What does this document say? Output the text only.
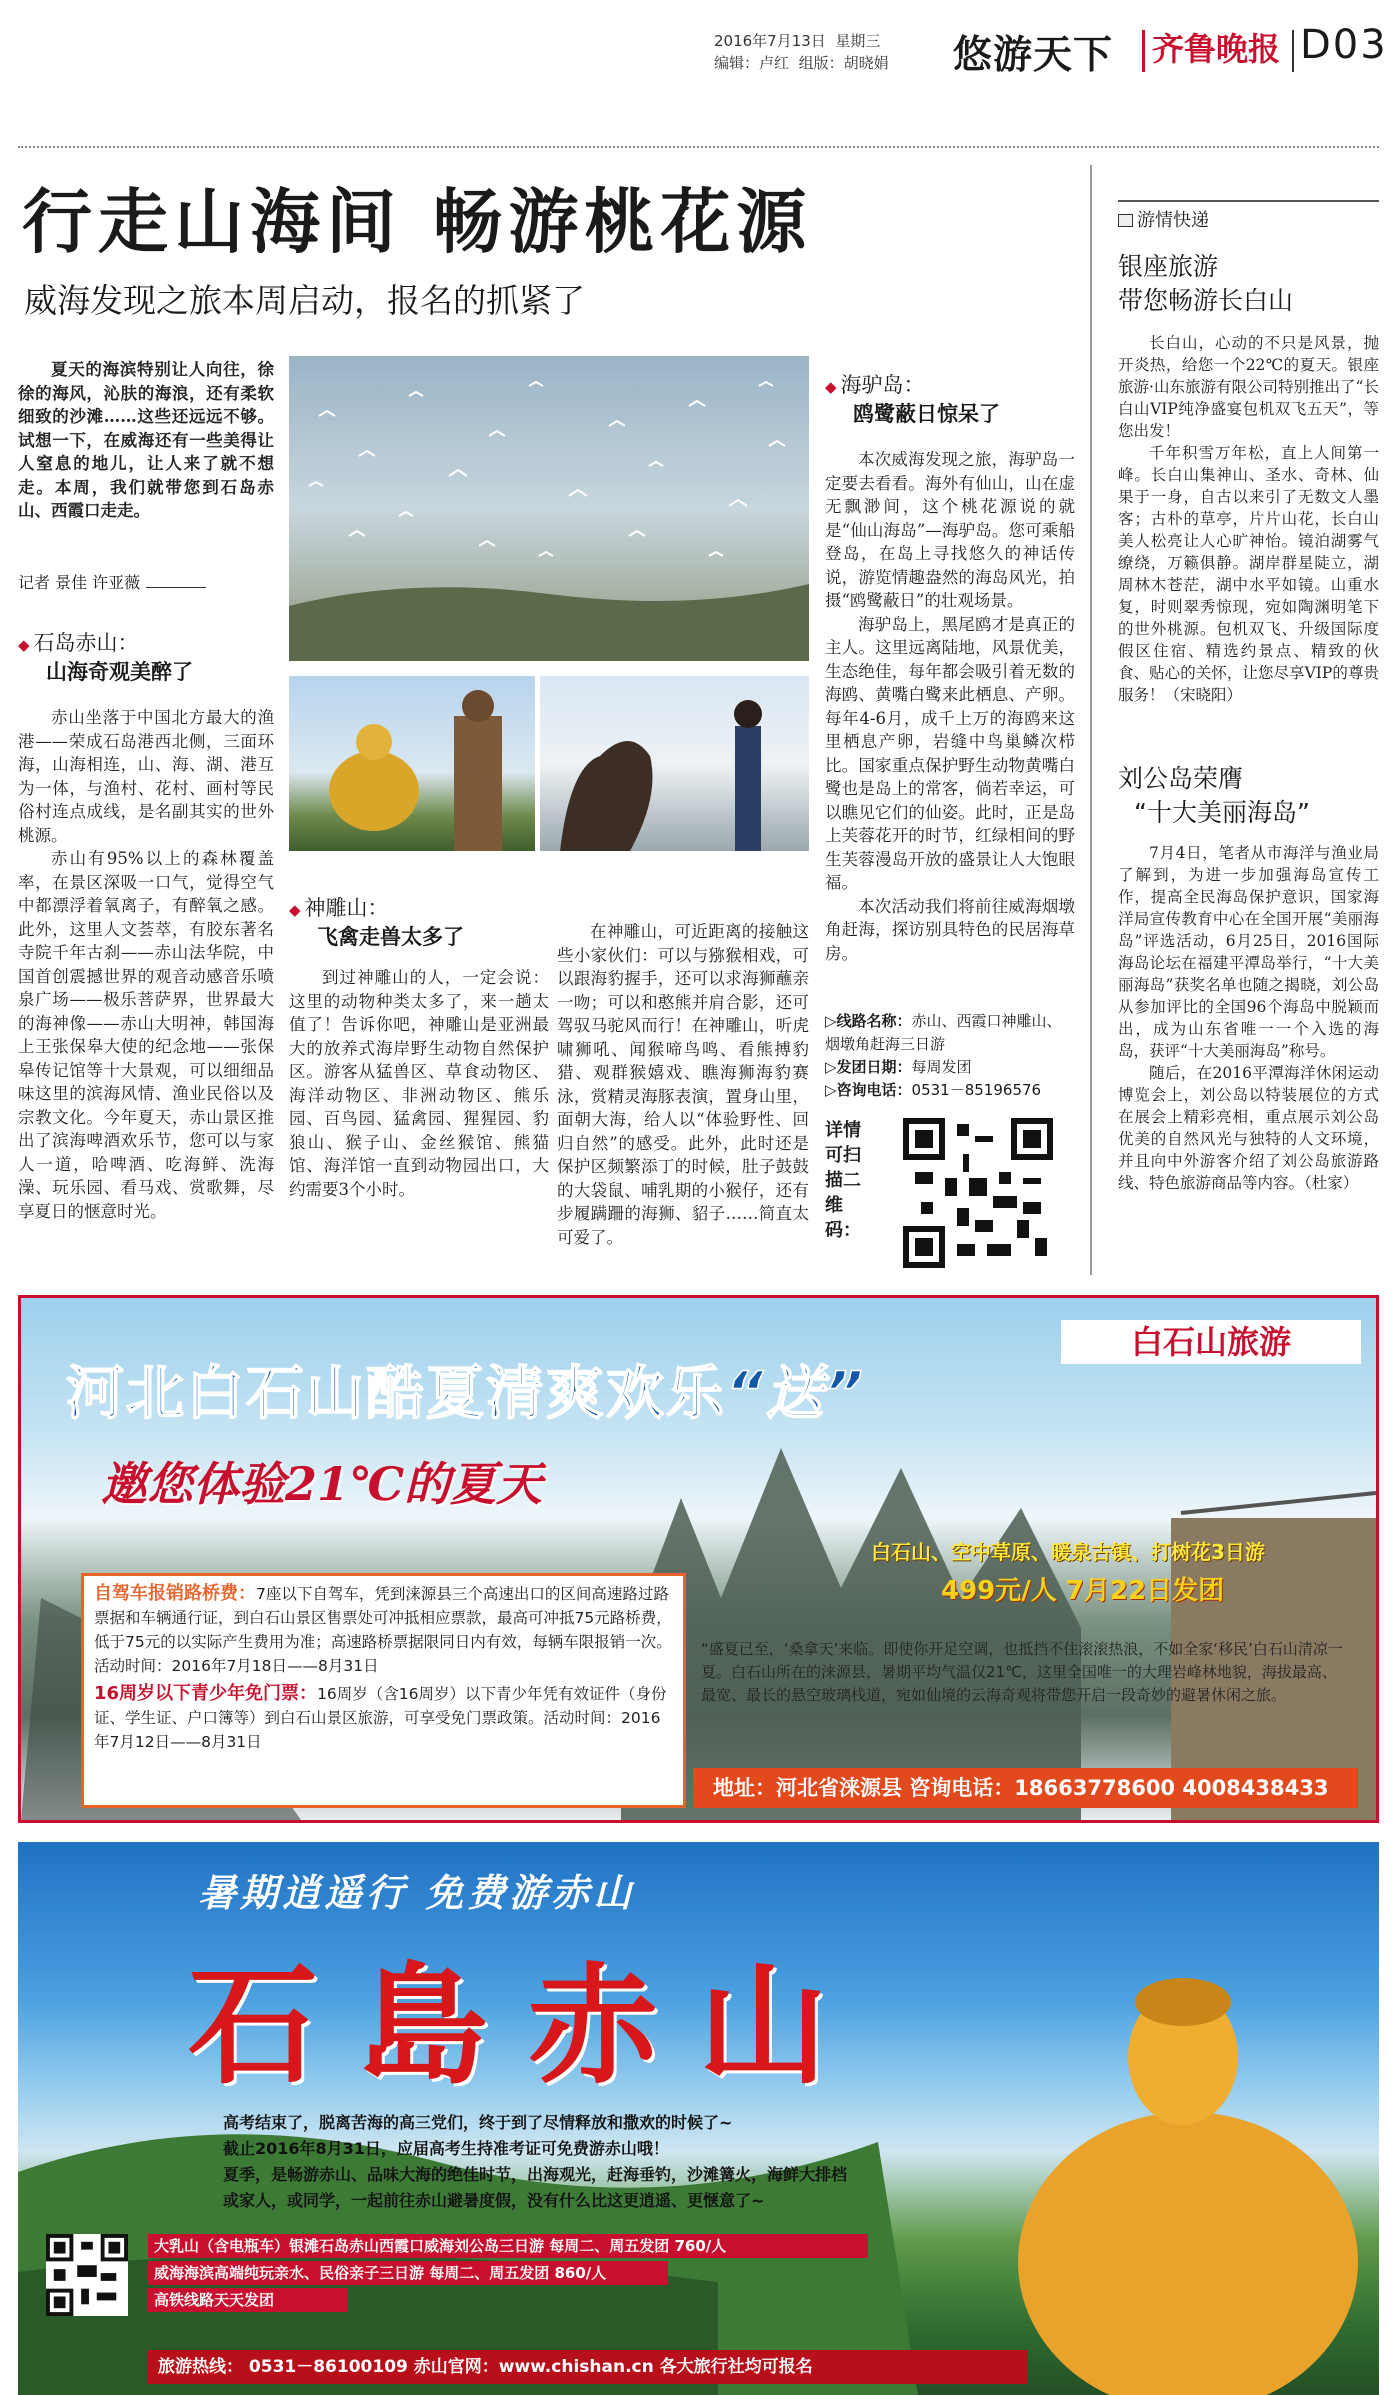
2016年7月13日 星期三
编辑：卢红 组版：胡晓娟	悠游天下	齐鲁晚报 D03
行走山海间 畅游桃花源
威海发现之旅本周启动，报名的抓紧了

夏天的海滨特别让人向往，徐徐的海风，沁肤的海浪，还有柔软细致的沙滩……这些还远远不够。试想一下，在威海还有一些美得让人窒息的地儿，让人来了就不想走。本周，我们就带您到石岛赤山、西霞口走走。

记者 景佳 许亚薇
◆ 石岛赤山：
山海奇观美醉了

赤山坐落于中国北方最大的渔港——荣成石岛港西北侧，三面环海，山海相连，山、海、湖、港互为一体，与渔村、花村、画村等民俗村连点成线，是名副其实的世外桃源。

赤山有95%以上的森林覆盖率，在景区深吸一口气，觉得空气中都漂浮着氧离子，有醉氧之感。此外，这里人文荟萃，有胶东著名寺院千年古刹——赤山法华院，中国首创震撼世界的观音动感音乐喷泉广场——极乐菩萨界，世界最大的海神像——赤山大明神，韩国海上王张保皋大使的纪念地——张保皋传记馆等十大景观，可以细细品味这里的滨海风情、渔业民俗以及宗教文化。今年夏天，赤山景区推出了滨海啤酒欢乐节，您可以与家人一道，哈啤酒、吃海鲜、洗海澡、玩乐园、看马戏、赏歌舞，尽享夏日的惬意时光。

◆ 神雕山：
飞禽走兽太多了

到过神雕山的人，一定会说：这里的动物种类太多了，来一趟太值了！告诉你吧，神雕山是亚洲最大的放养式海岸野生动物自然保护区。游客从猛兽区、草食动物区、海洋动物区、非洲动物区、熊乐园、百鸟园、猛禽园、猩猩园、豹狼山、猴子山、金丝猴馆、熊猫馆、海洋馆一直到动物园出口，大约需要3个小时。

在神雕山，可近距离的接触这些小家伙们：可以与猕猴相戏，可以跟海豹握手，还可以求海狮蘸亲一吻；可以和憨熊并肩合影，还可驾驭马驼风而行！在神雕山，听虎啸狮吼、闻猴啼鸟鸣、看熊搏豹猎、观群猴嬉戏、瞧海狮海豹赛泳，赏精灵海豚表演，置身山里，面朝大海，给人以“体验野性、回归自然”的感受。此外，此时还是保护区频繁添丁的时候，肚子鼓鼓的大袋鼠、哺乳期的小猴仔，还有步履蹒跚的海狮、貂子……简直太可爱了。

◆ 海驴岛：
鸥鹭蔽日惊呆了

本次威海发现之旅，海驴岛一定要去看看。海外有仙山，山在虚无飘渺间，这个桃花源说的就是“仙山海岛”—海驴岛。您可乘船登岛，在岛上寻找悠久的神话传说，游览情趣盎然的海岛风光，拍摄“鸥鹭蔽日”的壮观场景。

海驴岛上，黑尾鸥才是真正的主人。这里远离陆地，风景优美，生态绝佳，每年都会吸引着无数的海鸥、黄嘴白鹭来此栖息、产卵。每年4-6月，成千上万的海鸥来这里栖息产卵，岩缝中鸟巢鳞次栉比。国家重点保护野生动物黄嘴白鹭也是岛上的常客，倘若幸运，可以瞧见它们的仙姿。此时，正是岛上芙蓉花开的时节，红绿相间的野生芙蓉漫岛开放的盛景让人大饱眼福。

本次活动我们将前往威海烟墩角赶海，探访别具特色的民居海草房。

▷线路名称：赤山、西霞口神雕山、烟墩角赶海三日游
▷发团日期：每周发团
▷咨询电话：0531－85196576
详情可扫描二维码：
游情快递
银座旅游
带您畅游长白山

长白山，心动的不只是风景，抛开炎热，给您一个22℃的夏天。银座旅游·山东旅游有限公司特别推出了“长白山VIP纯净盛宴包机双飞五天”，等您出发！

千年积雪万年松，直上人间第一峰。长白山集神山、圣水、奇林、仙果于一身，自古以来引了无数文人墨客；古朴的草亭，片片山花，长白山美人松亮让人心旷神怡。镜泊湖雾气缭绕，万籁俱静。湖岸群星陡立，湖周林木苍茫，湖中水平如镜。山重水复，时则翠秀惊现，宛如陶渊明笔下的世外桃源。包机双飞、升级国际度假区住宿、精选约景点、精致的伙食、贴心的关怀，让您尽享VIP的尊贵服务！（宋晓阳）

刘公岛荣膺
“十大美丽海岛”

7月4日，笔者从市海洋与渔业局了解到，为进一步加强海岛宣传工作，提高全民海岛保护意识，国家海洋局宣传教育中心在全国开展“美丽海岛”评选活动，6月25日，2016国际海岛论坛在福建平潭岛举行，“十大美丽海岛”获奖名单也随之揭晓，刘公岛从参加评比的全国96个海岛中脱颖而出，成为山东省唯一一个入选的海岛，获评“十大美丽海岛”称号。

随后，在2016平潭海洋休闲运动博览会上，刘公岛以特装展位的方式在展会上精彩亮相，重点展示刘公岛优美的自然风光与独特的人文环境，并且向中外游客介绍了刘公岛旅游路线、特色旅游商品等内容。（杜家）

白石山旅游
河北白石山酷夏清爽欢乐“送”
邀您体验21℃的夏天
白石山、空中草原、暖泉古镇、打树花3日游
499元/人 7月22日发团
自驾车报销路桥费：7座以下自驾车，凭到涞源县三个高速出口的区间高速路过路票据和车辆通行证，到白石山景区售票处可冲抵相应票款，最高可冲抵75元路桥费，低于75元的以实际产生费用为准；高速路桥票据限同日内有效，每辆车限报销一次。活动时间：2016年7月18日——8月31日
16周岁以下青少年免门票：16周岁（含16周岁）以下青少年凭有效证件（身份证、学生证、户口簿等）到白石山景区旅游，可享受免门票政策。活动时间：2016年7月12日——8月31日
“盛夏已至，‘桑拿天’来临。即使你开足空调，也抵挡不住滚滚热浪，不如全家‘移民’白石山清凉一夏。白石山所在的涞源县，暑期平均气温仅21℃，这里全国唯一的大理岩峰林地貌，海拔最高、最宽、最长的悬空玻璃栈道，宛如仙境的云海奇观将带您开启一段奇妙的避暑休闲之旅。
地址：河北省涞源县 咨询电话：18663778600 4008438433
暑期逍遥行 免费游赤山
石島赤山
高考结束了，脱离苦海的高三党们，终于到了尽情释放和撒欢的时候了~
截止2016年8月31日，应届高考生持准考证可免费游赤山哦！
夏季，是畅游赤山、品味大海的绝佳时节，出海观光，赶海垂钓，沙滩篝火，海鲜大排档
或家人，或同学，一起前往赤山避暑度假，没有什么比这更逍遥、更惬意了~
大乳山（含电瓶车）银滩石岛赤山西霞口威海刘公岛三日游 每周二、周五发团 760/人
威海海滨高端纯玩亲水、民俗亲子三日游 每周二、周五发团 860/人
高铁线路天天发团
旅游热线： 0531－86100109 赤山官网：www.chishan.cn 各大旅行社均可报名
